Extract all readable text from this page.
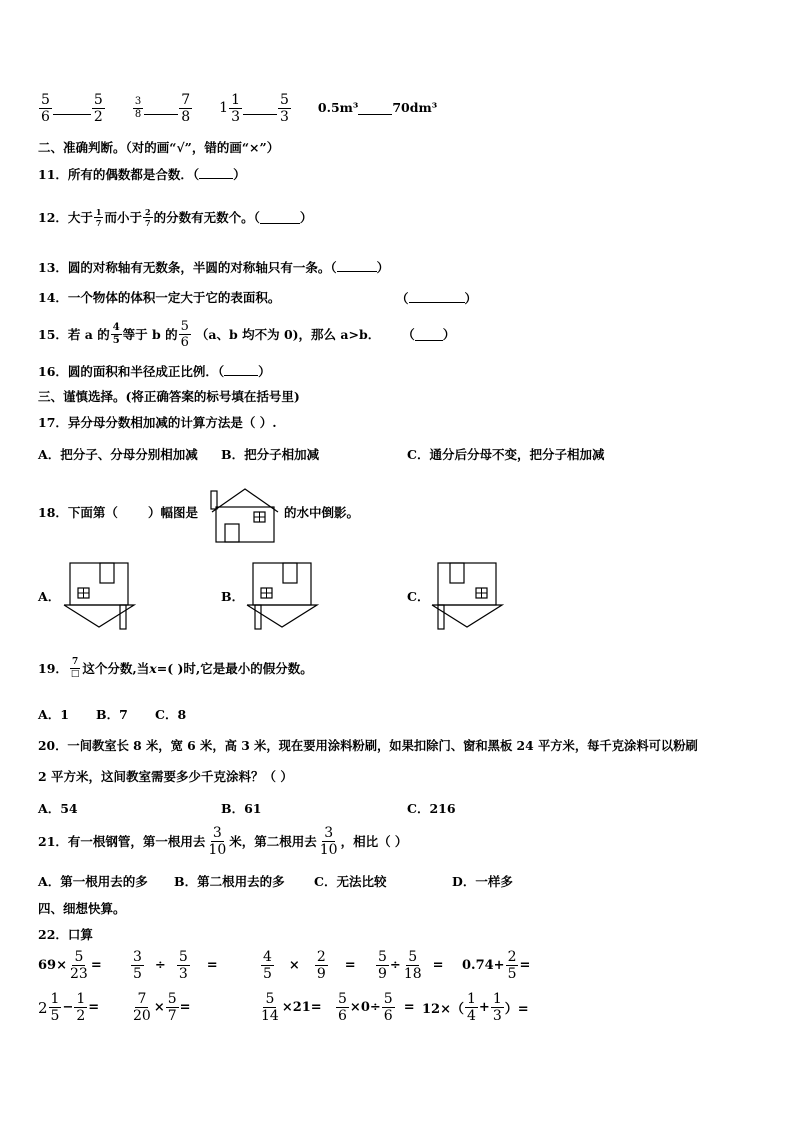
$\frac{5}{6}$	$\frac{5}{2}$	$\frac{3}{8}$	$\frac{7}{8} 1 \frac{1}{3}$	$\frac{5}{3} 0.5m^3$	70dm³
二、准确判断。（对的画“√”，错的画“×”）
11．所有的偶数都是合数．（	）
12．大于 $\frac{1}{7}$ 而小于 $\frac{2}{7}$ 的分数有无数个。（	）
13．圆的对称轴有无数条，半圆的对称轴只有一条。（	）
14．一个物体的体积一定大于它的表面积。	（	）
15．若 a 的 $\frac{4}{5}$ 等于 b 的 $\frac{5}{6} (a$、b 均不为 0)，那么 a>b． （ ）
16．圆的面积和半径成正比例．（	）
三、谨慎选择。(将正确答案的标号填在括号里)
17．异分母分数相加减的计算方法是（ ）.
A．把分子、分母分别相加减 B．把分子相加减	C．通分后分母不变，把分子相加减
18．下面第（ ）幅图是	的水中倒影。
A．	B．	C．
19． $\frac{7}{□}$ 这个分数,当 x =( )时,它是最小的假分数。
A．1 B．7 C．8
20．一间教室长 8 米，宽 6 米，高 3 米，现在要用涂料粉刷，如果扣除门、窗和黑板 24 平方米，每千克涂料可以粉刷
2 平方米，这间教室需要多少千克涂料？（ ）
A．54	B．61	C．216
21．有一根钢管，第一根用去 $\frac{3}{10}$ 米，第二根用去 $\frac{3}{10}$ ，相比（ ）
A．第一根用去的多 B．第二根用去的多 C．无法比较	D．一样多
四、细想快算。
22．口算
$69\times \frac{5}{23} = \frac{3}{5} \div \frac{5}{3}$ =	$\frac{4}{5} \times \frac{2}{9} = \frac{5}{9} \div \frac{5}{18} = 0.74+ \frac{2}{5}$ =
$2 \frac{1}{5} - \frac{1}{2} = \frac{7}{20} \times \frac{5}{7}$ =	$\frac{5}{14} \times 21= \frac{5}{6} \times 0\div \frac{5}{6} = 12\times( \frac{1}{4} + \frac{1}{3}$ ）=
